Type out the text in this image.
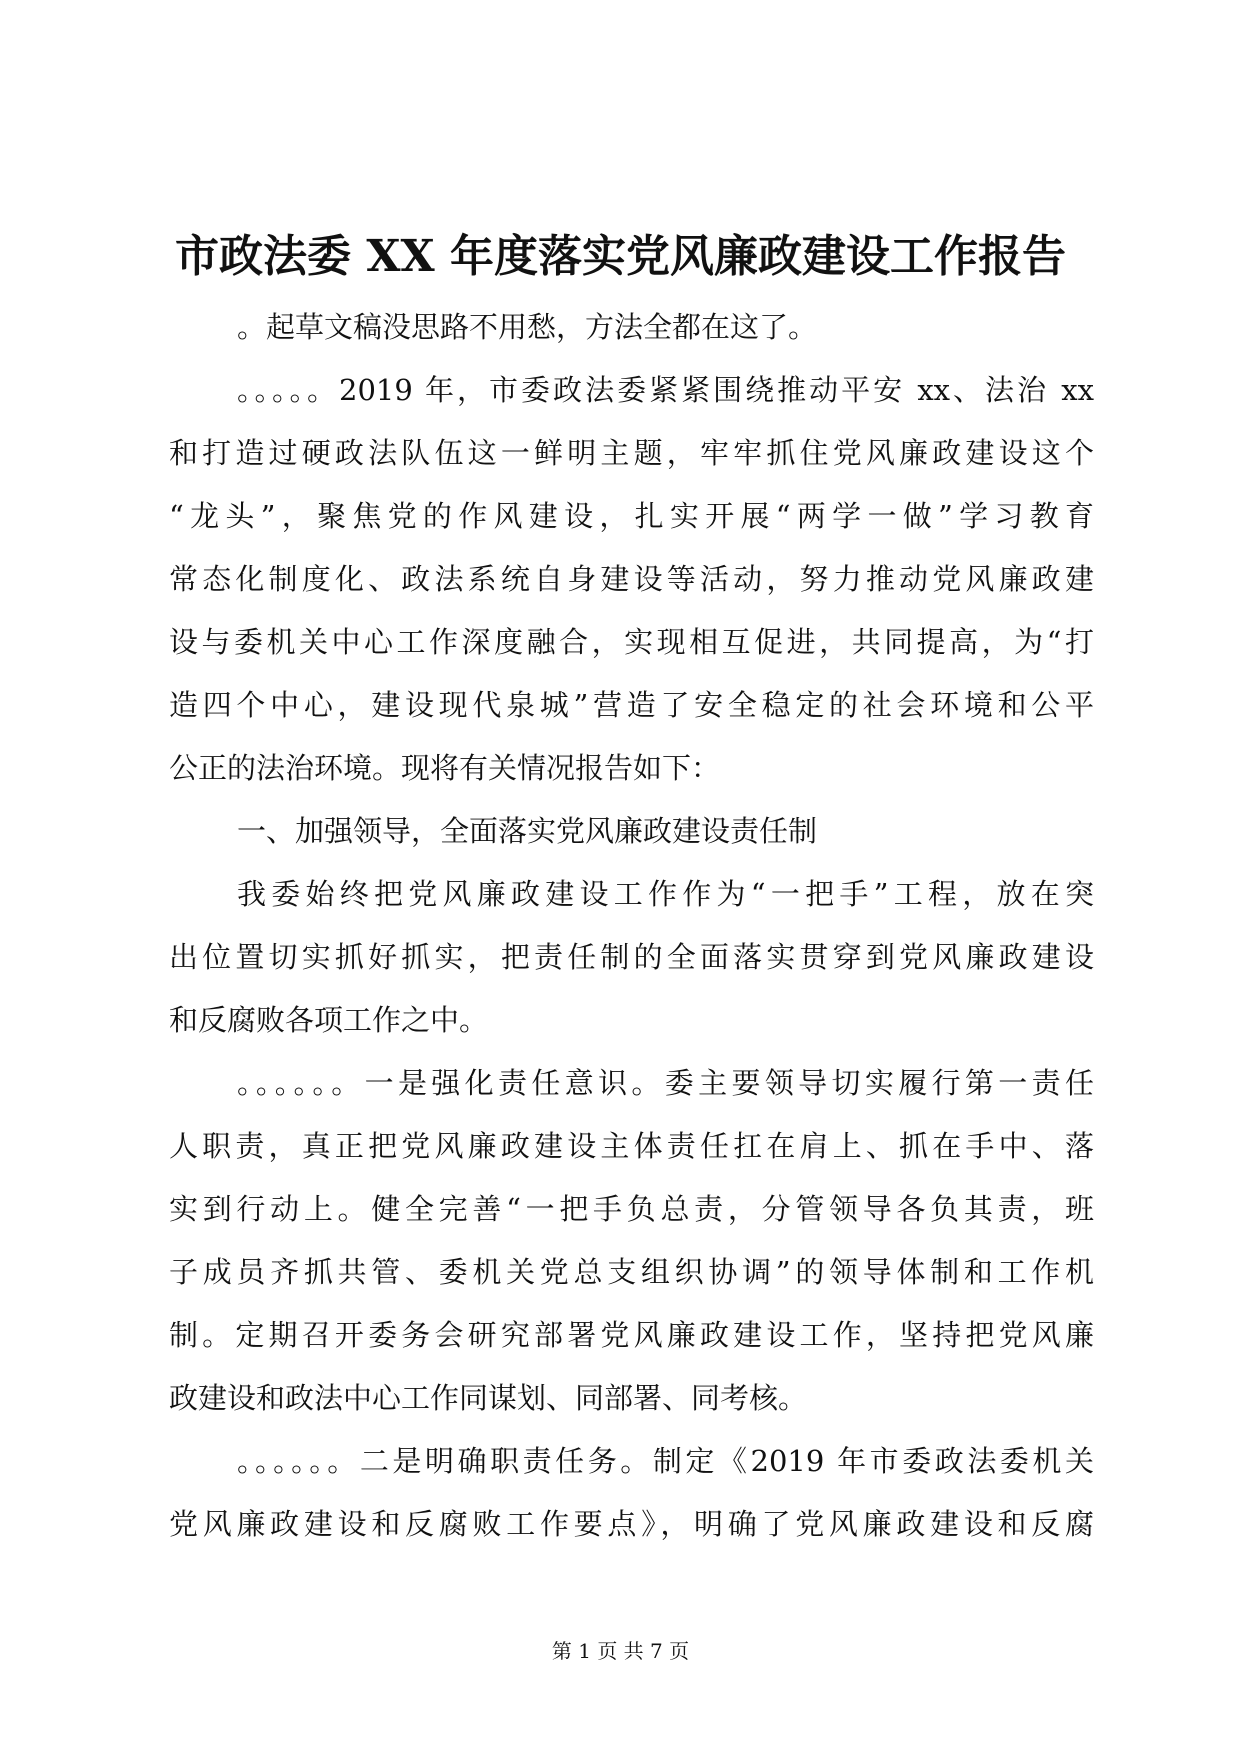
市政法委 XX 年度落实党风廉政建设工作报告
。起草文稿没思路不用愁，方法全都在这了。
。。。。。2019 年，市委政法委紧紧围绕推动平安 xx、法治 xx
和打造过硬政法队伍这一鲜明主题，牢牢抓住党风廉政建设这个
“龙头”，聚焦党的作风建设，扎实开展“两学一做”学习教育
常态化制度化、政法系统自身建设等活动，努力推动党风廉政建
设与委机关中心工作深度融合，实现相互促进，共同提高，为“打
造四个中心，建设现代泉城”营造了安全稳定的社会环境和公平
公正的法治环境。现将有关情况报告如下：
一、加强领导，全面落实党风廉政建设责任制
我委始终把党风廉政建设工作作为“一把手”工程，放在突
出位置切实抓好抓实，把责任制的全面落实贯穿到党风廉政建设
和反腐败各项工作之中。
。。。。。。一是强化责任意识。委主要领导切实履行第一责任
人职责，真正把党风廉政建设主体责任扛在肩上、抓在手中、落
实到行动上。健全完善“一把手负总责，分管领导各负其责，班
子成员齐抓共管、委机关党总支组织协调”的领导体制和工作机
制。定期召开委务会研究部署党风廉政建设工作，坚持把党风廉
政建设和政法中心工作同谋划、同部署、同考核。
。。。。。。二是明确职责任务。制定《2019 年市委政法委机关
党风廉政建设和反腐败工作要点》，明确了党风廉政建设和反腐
第 1 页 共 7 页
